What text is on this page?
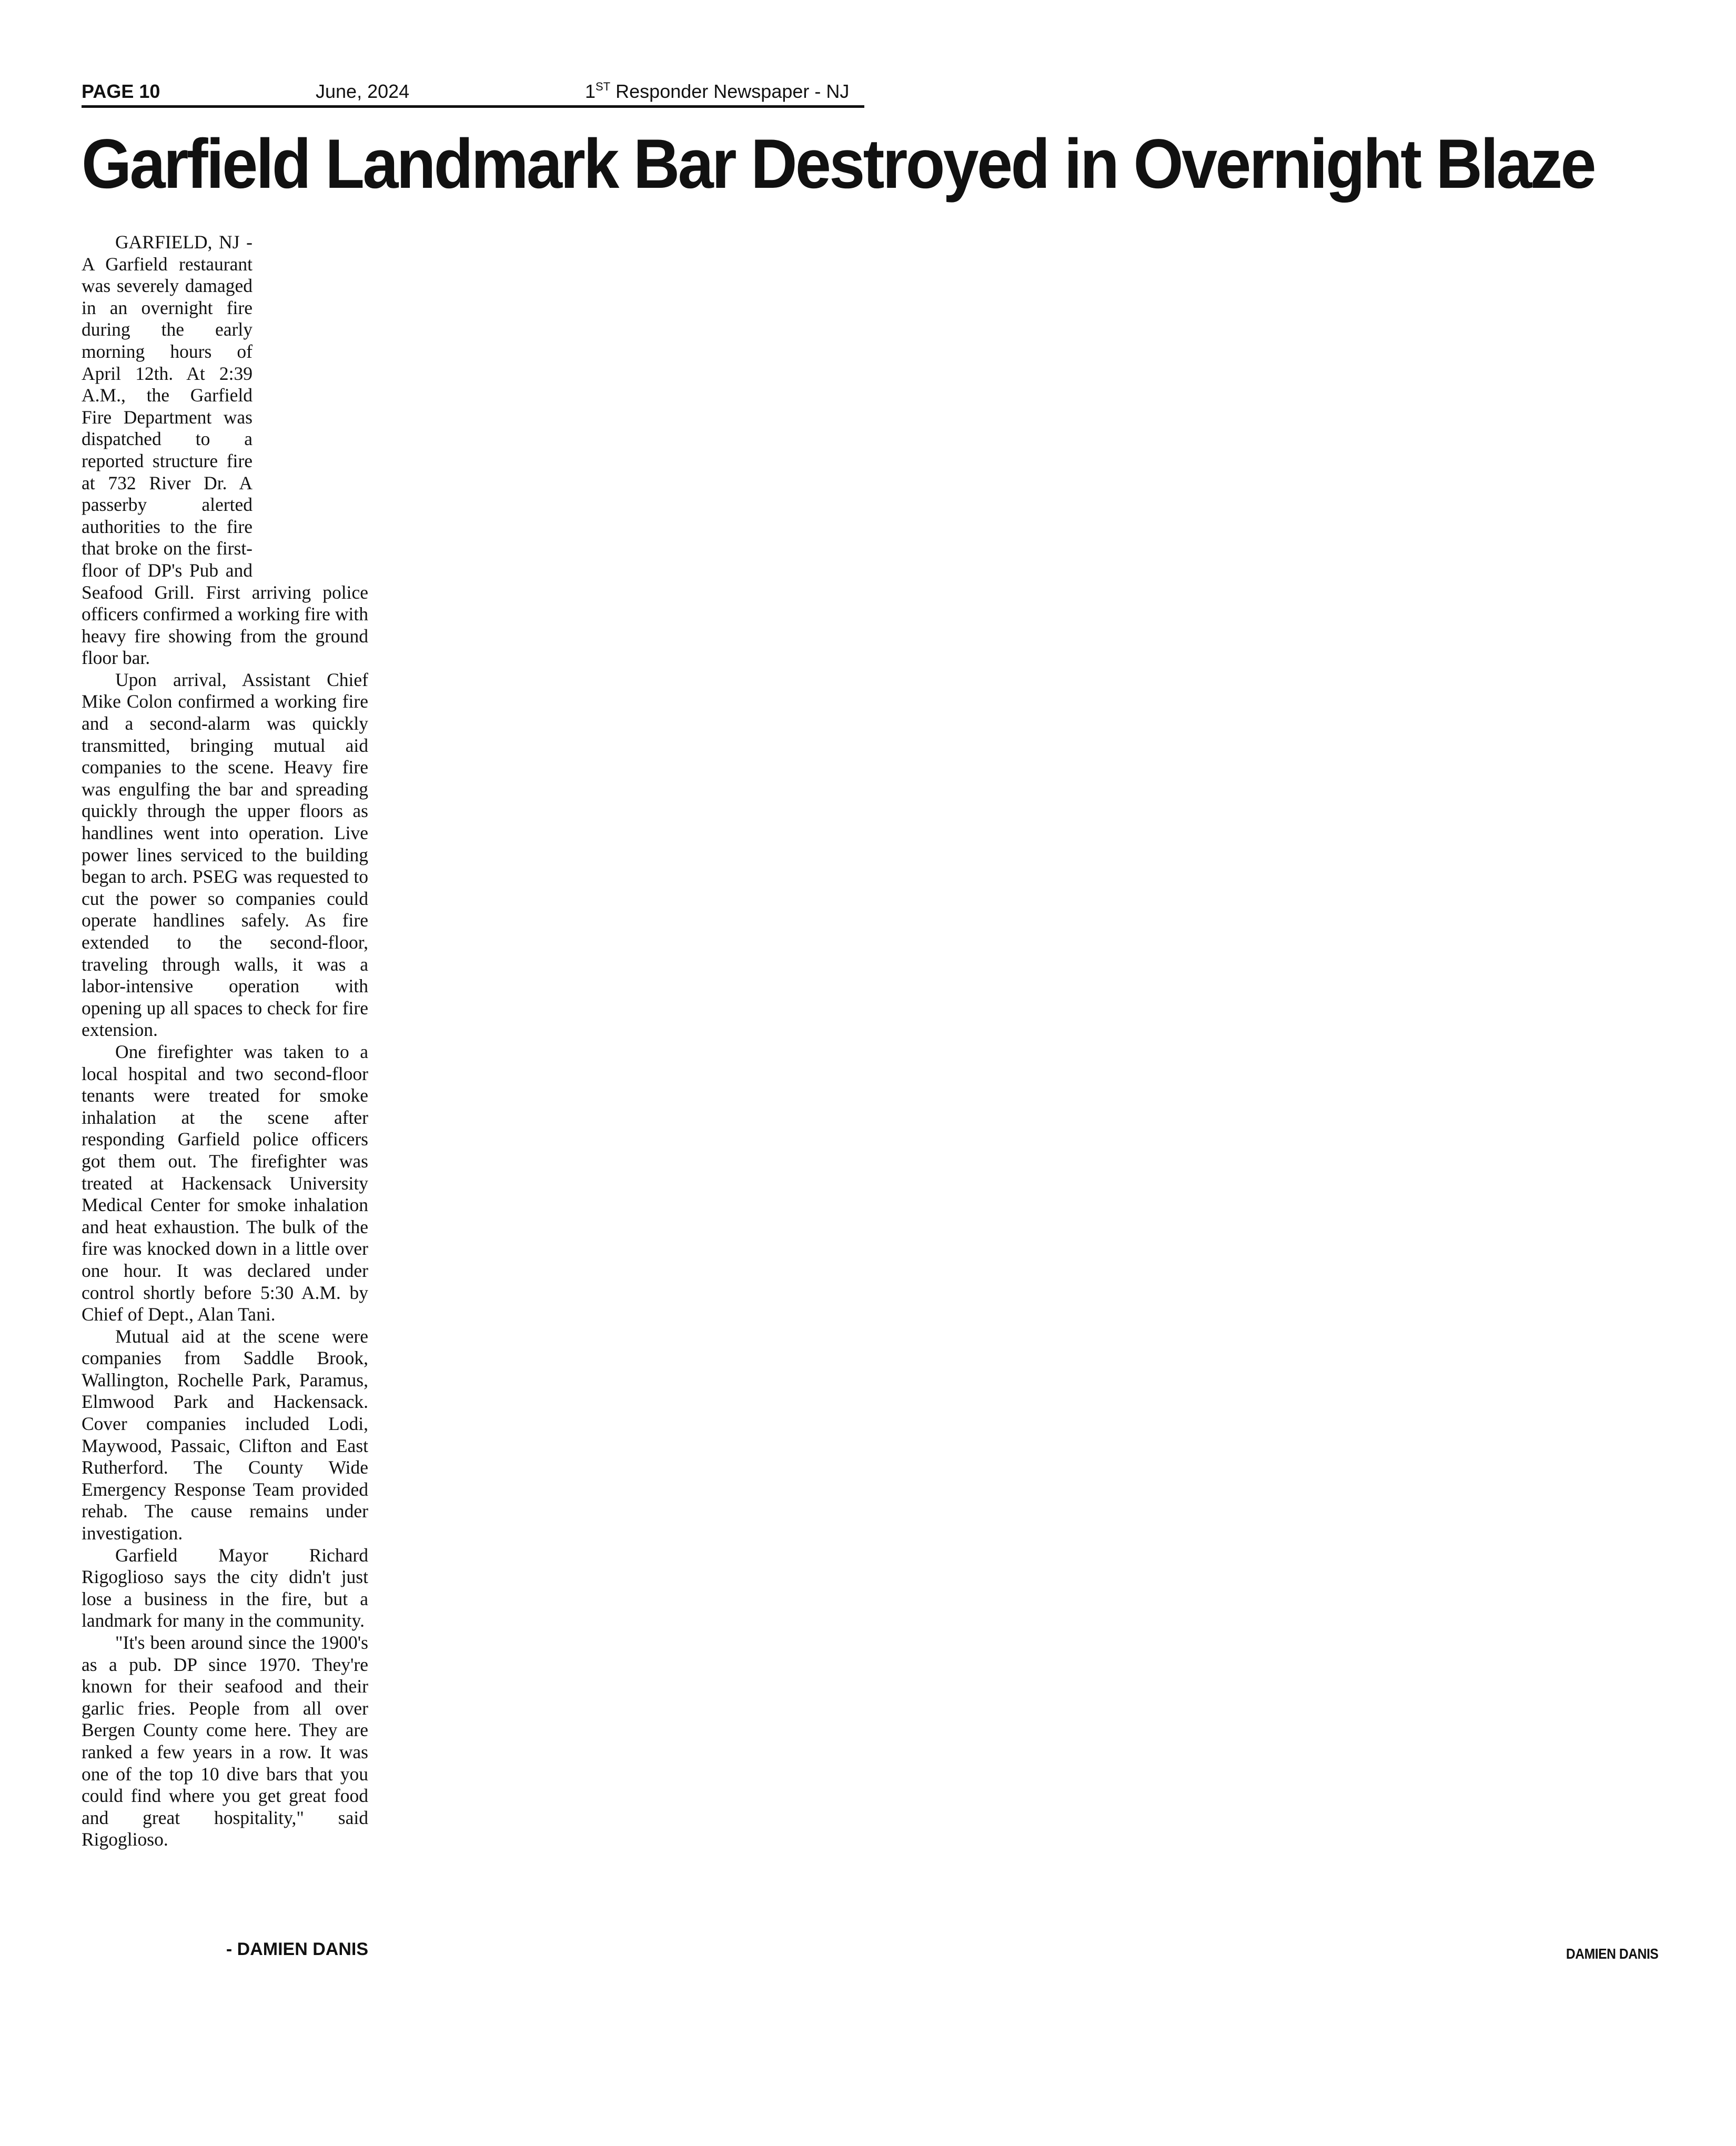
PAGE 10	June, 2024	1ST Responder Newspaper - NJ
Garfield Landmark Bar Destroyed in Overnight Blaze

GARFIELD, NJ - A Garfield restaurant was severely damaged in an overnight fire during the early morning hours of April 12th. At 2:39 A.M., the Garfield Fire Department was dispatched to a reported structure fire at 732 River Dr. A passerby alerted authorities to the fire that broke on the first-floor of DP's Pub and Seafood Grill. First arriving police officers confirmed a working fire with heavy fire showing from the ground floor bar.

Upon arrival, Assistant Chief Mike Colon confirmed a working fire and a second-alarm was quickly transmitted, bringing mutual aid companies to the scene. Heavy fire was engulfing the bar and spreading quickly through the upper floors as handlines went into operation. Live power lines serviced to the building began to arch. PSEG was requested to cut the power so companies could operate handlines safely. As fire extended to the second-floor, traveling through walls, it was a labor-intensive operation with opening up all spaces to check for fire extension.

One firefighter was taken to a local hospital and two second-floor tenants were treated for smoke inhalation at the scene after responding Garfield police officers got them out. The firefighter was treated at Hackensack University Medical Center for smoke inhalation and heat exhaustion. The bulk of the fire was knocked down in a little over one hour. It was declared under control shortly before 5:30 A.M. by Chief of Dept., Alan Tani.

Mutual aid at the scene were companies from Saddle Brook, Wallington, Rochelle Park, Paramus, Elmwood Park and Hackensack. Cover companies included Lodi, Maywood, Passaic, Clifton and East Rutherford. The County Wide Emergency Response Team provided rehab. The cause remains under investigation.

Garfield Mayor Richard Rigoglioso says the city didn't just lose a business in the fire, but a landmark for many in the community.

"It's been around since the 1900's as a pub. DP since 1970. They're known for their seafood and their garlic fries. People from all over Bergen County come here. They are ranked a few years in a row. It was one of the top 10 dive bars that you could find where you get great food and great hospitality," said Rigoglioso.

- DAMIEN DANIS	DAMIEN DANIS
